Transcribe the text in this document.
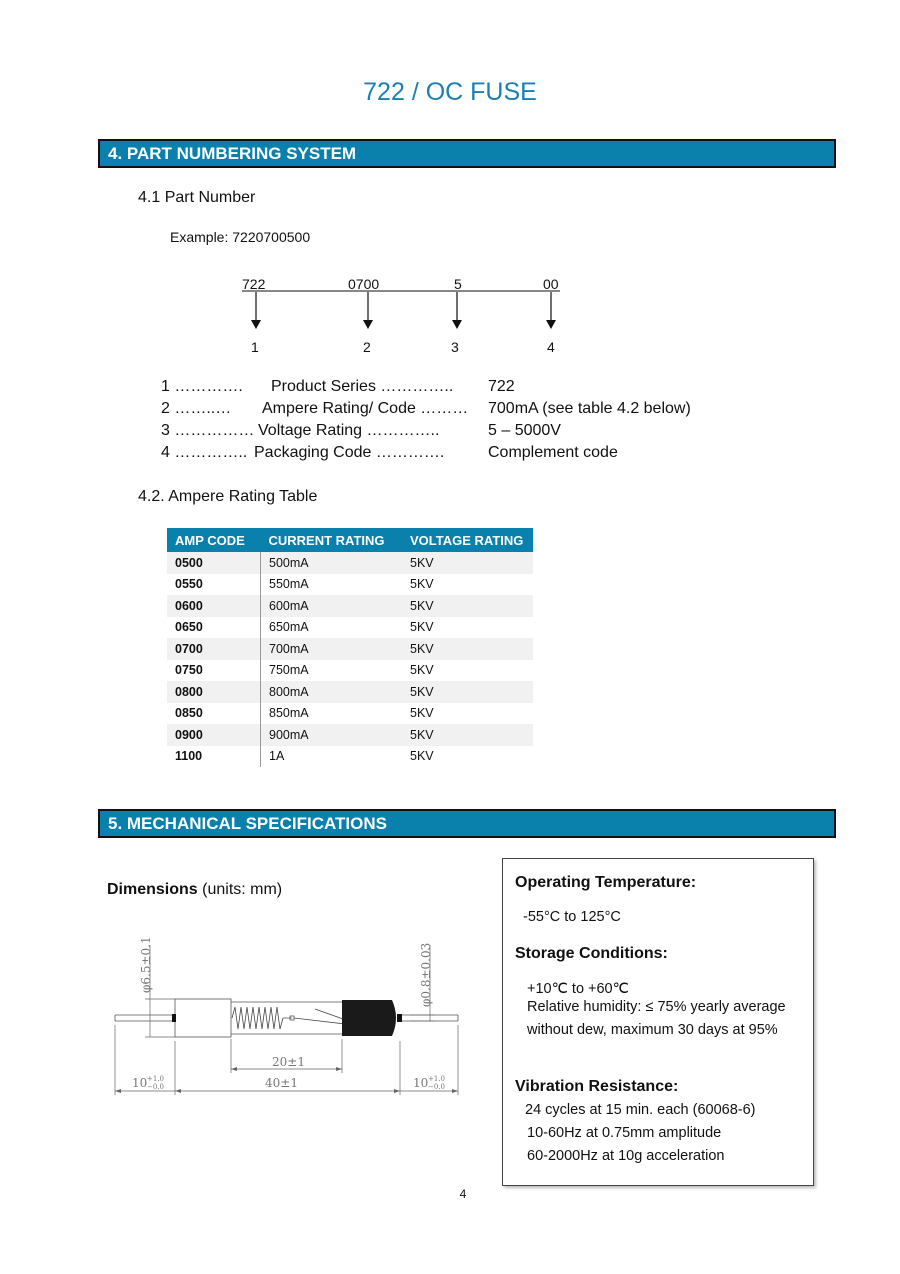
722 / OC FUSE
4. PART NUMBERING SYSTEM
4.1 Part Number
Example: 7220700500
722	0700	5	00
1	2	3	4
1 …………. Product Series ………….. 722
2 ……..… Ampere Rating/ Code ……… 700mA (see table 4.2 below)
3 …………… Voltage Rating …………..	5 – 5000V
4 ………….. Packaging Code ………….	Complement code
4.2. Ampere Rating Table
AMP CODE	CURRENT RATING	VOLTAGE RATING
0500	500mA	5KV
0550	550mA	5KV
0600	600mA	5KV
0650	650mA	5KV
0700	700mA	5KV
0750	750mA	5KV
0800	800mA	5KV
0850	850mA	5KV
0900	900mA	5KV
1100	1A	5KV
5. MECHANICAL SPECIFICATIONS
Dimensions (units: mm)
φ6.5±0.1	φ0.8±0.03
20±1
40±1
10	10
+1.0
−0.0
+1.0
−0.0
Operating Temperature:
-55°C to 125°C
Storage Conditions:
+10℃ to +60℃
Relative humidity: ≤ 75% yearly average
without dew, maximum 30 days at 95%
Vibration Resistance:
24 cycles at 15 min. each (60068-6)
10-60Hz at 0.75mm amplitude
60-2000Hz at 10g acceleration
4
